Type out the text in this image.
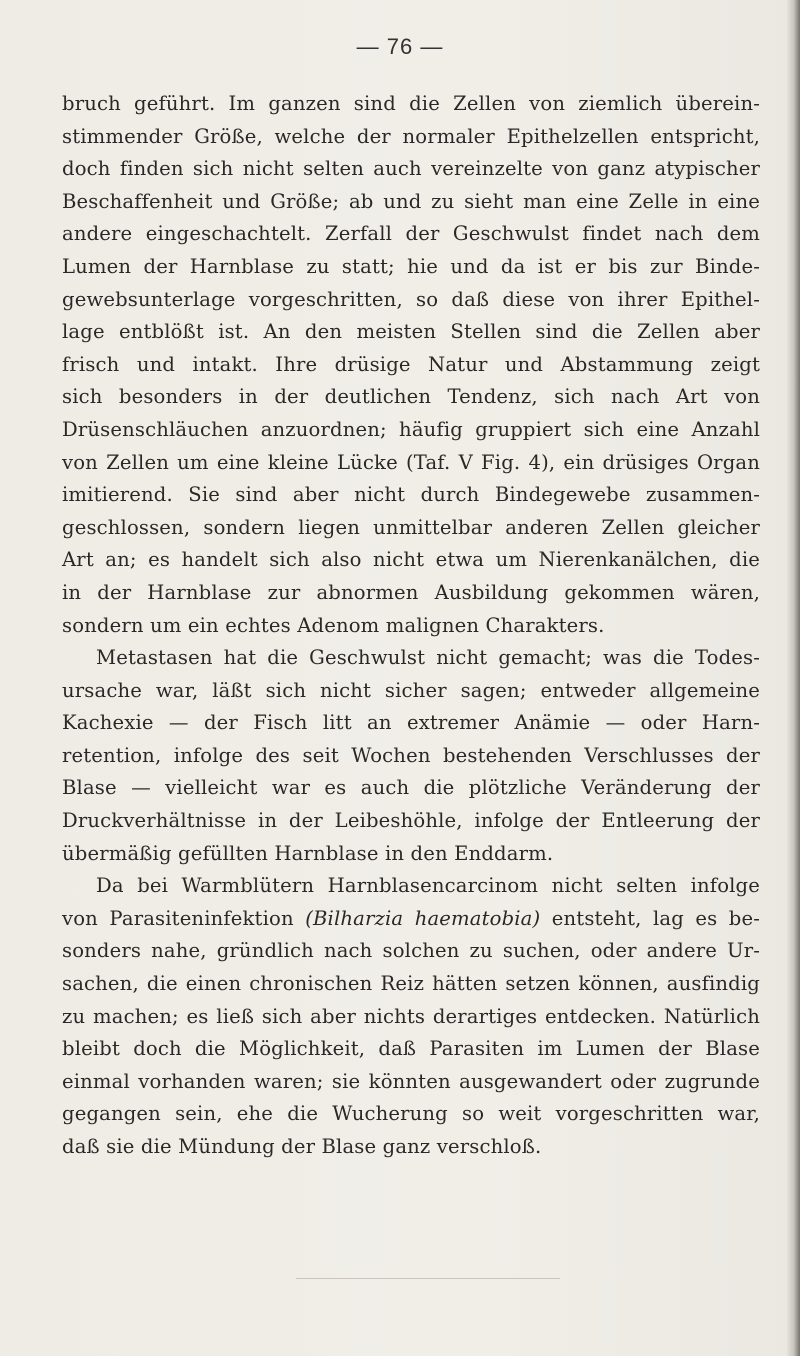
— 76 —
bruch geführt. Im ganzen sind die Zellen von ziemlich überein-
stimmender Größe, welche der normaler Epithelzellen entspricht,
doch finden sich nicht selten auch vereinzelte von ganz atypischer
Beschaffenheit und Größe; ab und zu sieht man eine Zelle in eine
andere eingeschachtelt. Zerfall der Geschwulst findet nach dem
Lumen der Harnblase zu statt; hie und da ist er bis zur Binde-
gewebsunterlage vorgeschritten, so daß diese von ihrer Epithel-
lage entblößt ist. An den meisten Stellen sind die Zellen aber
frisch und intakt. Ihre drüsige Natur und Abstammung zeigt
sich besonders in der deutlichen Tendenz, sich nach Art von
Drüsenschläuchen anzuordnen; häufig gruppiert sich eine Anzahl
von Zellen um eine kleine Lücke (Taf. V Fig. 4), ein drüsiges Organ
imitierend. Sie sind aber nicht durch Bindegewebe zusammen-
geschlossen, sondern liegen unmittelbar anderen Zellen gleicher
Art an; es handelt sich also nicht etwa um Nierenkanälchen, die
in der Harnblase zur abnormen Ausbildung gekommen wären,
sondern um ein echtes Adenom malignen Charakters.
Metastasen hat die Geschwulst nicht gemacht; was die Todes-
ursache war, läßt sich nicht sicher sagen; entweder allgemeine
Kachexie — der Fisch litt an extremer Anämie — oder Harn-
retention, infolge des seit Wochen bestehenden Verschlusses der
Blase — vielleicht war es auch die plötzliche Veränderung der
Druckverhältnisse in der Leibeshöhle, infolge der Entleerung der
übermäßig gefüllten Harnblase in den Enddarm.
Da bei Warmblütern Harnblasencarcinom nicht selten infolge
von Parasiteninfektion (Bilharzia haematobia) entsteht, lag es be-
sonders nahe, gründlich nach solchen zu suchen, oder andere Ur-
sachen, die einen chronischen Reiz hätten setzen können, ausfindig
zu machen; es ließ sich aber nichts derartiges entdecken. Natürlich
bleibt doch die Möglichkeit, daß Parasiten im Lumen der Blase
einmal vorhanden waren; sie könnten ausgewandert oder zugrunde
gegangen sein, ehe die Wucherung so weit vorgeschritten war,
daß sie die Mündung der Blase ganz verschloß.
